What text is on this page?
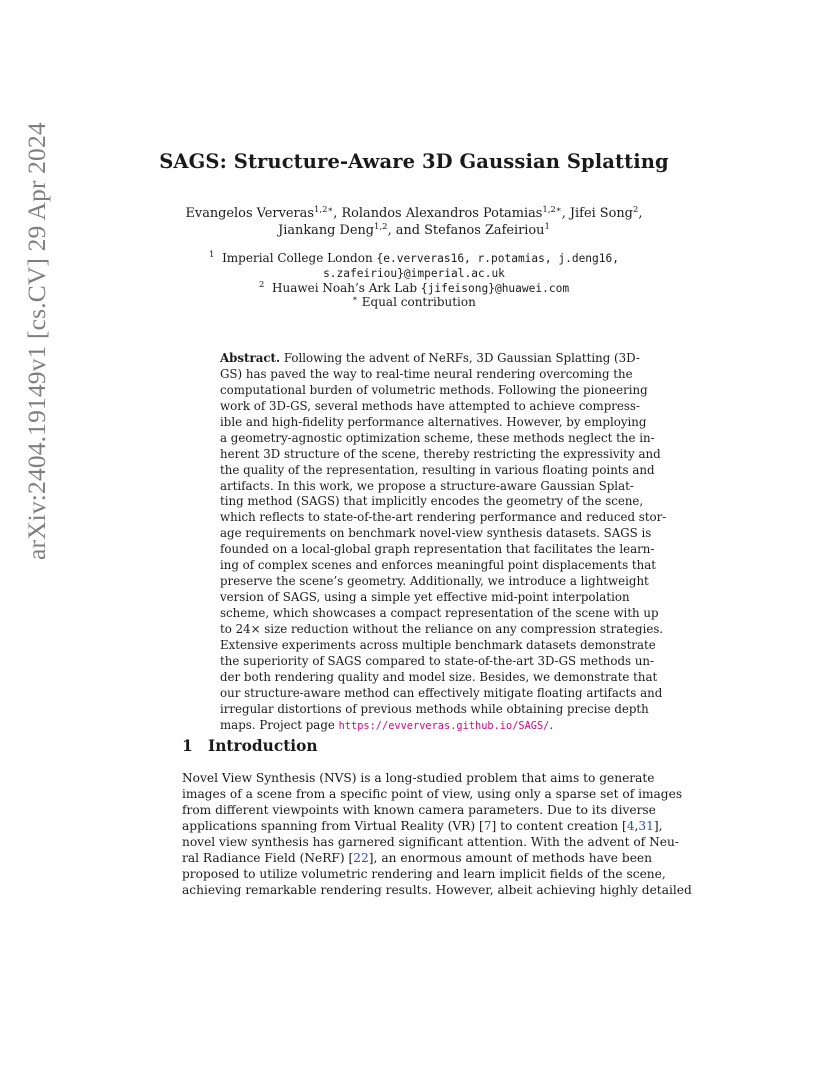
arXiv:2404.19149v1 [cs.CV] 29 Apr 2024	SAGS: Structure-Aware 3D Gaussian Splatting
Evangelos Ververas$^{1,2∗}$, Rolandos Alexandros Potamias$^{1,2∗}$, Jifei Song$^2$,
Jiankang Deng$^{1,2}$, and Stefanos Zafeiriou$^1$
$^1$ Imperial College London {e.ververas16, r.potamias, j.deng16,
s.zafeiriou}@imperial.ac.uk
$^2$ Huawei Noah’s Ark Lab {jifeisong}@huawei.com
∗ Equal contribution
Abstract. Following the advent of NeRFs, 3D Gaussian Splatting (3D-
GS) has paved the way to real-time neural rendering overcoming the
computational burden of volumetric methods. Following the pioneering
work of 3D-GS, several methods have attempted to achieve compress-
ible and high-fidelity performance alternatives. However, by employing
a geometry-agnostic optimization scheme, these methods neglect the in-
herent 3D structure of the scene, thereby restricting the expressivity and
the quality of the representation, resulting in various floating points and
artifacts. In this work, we propose a structure-aware Gaussian Splat-
ting method (SAGS) that implicitly encodes the geometry of the scene,
which reflects to state-of-the-art rendering performance and reduced stor-
age requirements on benchmark novel-view synthesis datasets. SAGS is
founded on a local-global graph representation that facilitates the learn-
ing of complex scenes and enforces meaningful point displacements that
preserve the scene’s geometry. Additionally, we introduce a lightweight
version of SAGS, using a simple yet effective mid-point interpolation
scheme, which showcases a compact representation of the scene with up
to 24× size reduction without the reliance on any compression strategies.
Extensive experiments across multiple benchmark datasets demonstrate
the superiority of SAGS compared to state-of-the-art 3D-GS methods un-
der both rendering quality and model size. Besides, we demonstrate that
our structure-aware method can effectively mitigate floating artifacts and
irregular distortions of previous methods while obtaining precise depth
maps. Project page https://evververas.github.io/SAGS/.
1 Introduction
Novel View Synthesis (NVS) is a long-studied problem that aims to generate
images of a scene from a specific point of view, using only a sparse set of images
from different viewpoints with known camera parameters. Due to its diverse
applications spanning from Virtual Reality (VR) [7] to content creation [4,31],
novel view synthesis has garnered significant attention. With the advent of Neu-
ral Radiance Field (NeRF) [22], an enormous amount of methods have been
proposed to utilize volumetric rendering and learn implicit fields of the scene,
achieving remarkable rendering results. However, albeit achieving highly detailed
